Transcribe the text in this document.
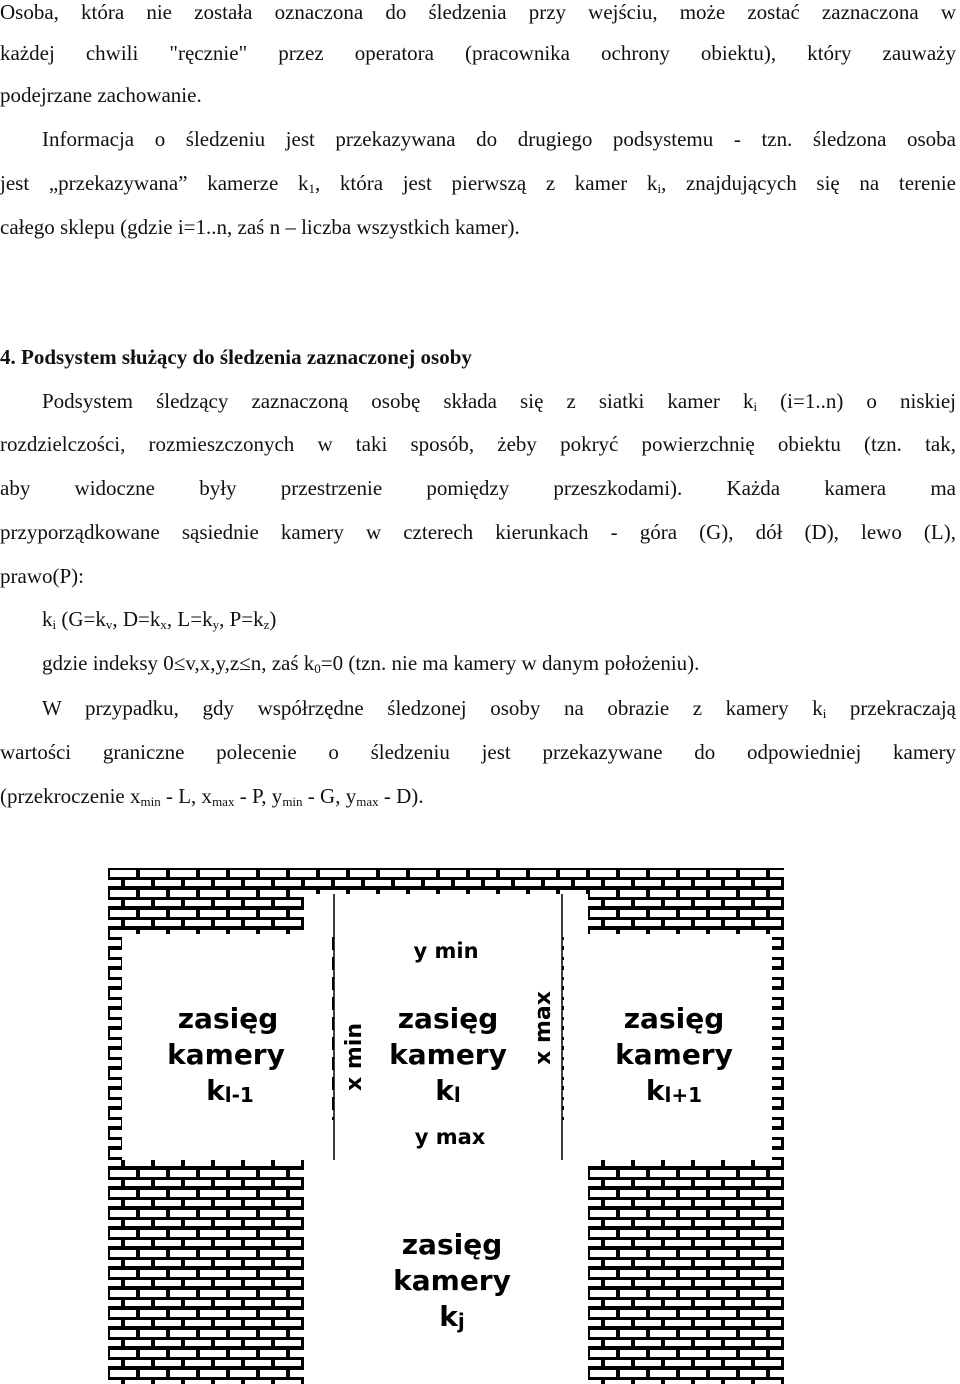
Osoba, która nie została oznaczona do śledzenia przy wejściu, może zostać zaznaczona w

każdej chwili "ręcznie" przez operatora (pracownika ochrony obiektu), który zauważy

podejrzane zachowanie.

Informacja o śledzeniu jest przekazywana do drugiego podsystemu - tzn. śledzona osoba

jest „przekazywana” kamerze $k_1$, która jest pierwszą z kamer $k_i$, znajdujących się na terenie

całego sklepu (gdzie i=1..n, zaś n – liczba wszystkich kamer).

4. Podsystem służący do śledzenia zaznaczonej osoby

Podsystem śledzący zaznaczoną osobę składa się z siatki kamer $k_i$ (i=1..n) o niskiej

rozdzielczości, rozmieszczonych w taki sposób, żeby pokryć powierzchnię obiektu (tzn. tak,

aby widoczne były przestrzenie pomiędzy przeszkodami). Każda kamera ma

przyporządkowane sąsiednie kamery w czterech kierunkach - góra (G), dół (D), lewo (L),

prawo(P):

$k_i$ ($G=k_v$, $D=k_x$, $L=k_y$, $P=k_z$)

gdzie indeksy 0≤v,x,y,z≤n, zaś $k_0=0$ (tzn. nie ma kamery w danym położeniu).

W przypadku, gdy współrzędne śledzonej osoby na obrazie z kamery $k_i$ przekraczają

wartości graniczne polecenie o śledzeniu jest przekazywane do odpowiedniej kamery

(przekroczenie $x_{min}$ - L, $x_{max}$ - P, $y_{min}$ - G, $y_{max} - D$).

y min
y max
x min	x max
zasięg
kamery
kl-1
zasięg
kamery
kl
zasięg
kamery
kl+1
zasięg
kamery
kj
